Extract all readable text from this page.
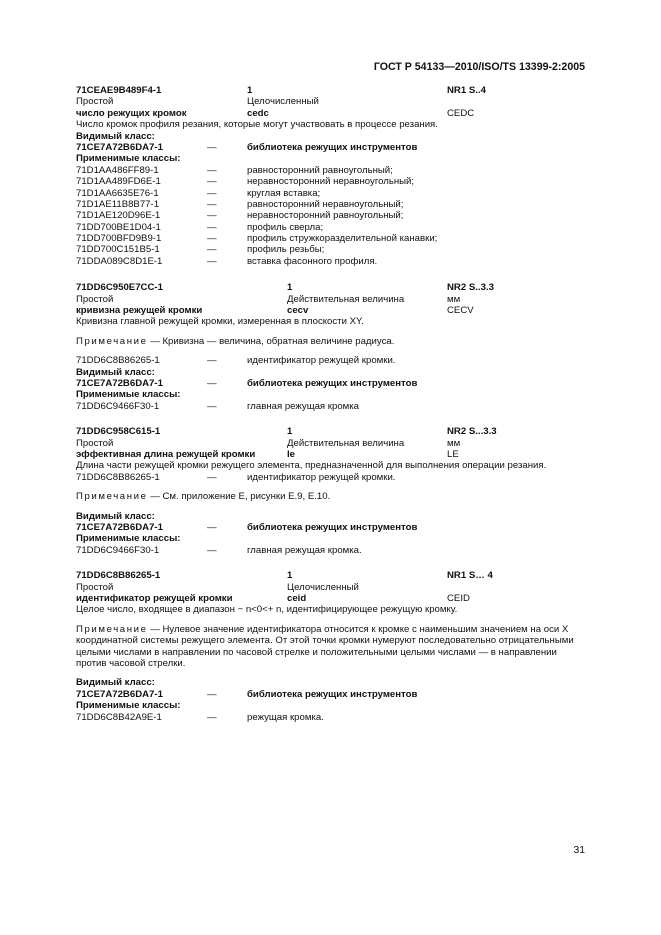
ГОСТ Р 54133—2010/ISO/TS 13399-2:2005
71CEAE9B489F4-1	1	NR1 S..4
Простой	Целочисленный
число режущих кромок	cedc	CEDC
Число кромок профиля резания, которые могут участвовать в процессе резания.
Видимый класс:
71CE7A72B6DA7-1	—	библиотека режущих инструментов
Применимые классы:
71D1AA486FF89-1	—	равносторонний равноугольный;
71D1AA489FD6E-1	—	неравносторонний неравноугольный;
71D1AA6635E76-1	—	круглая вставка;
71D1AE11B8B77-1	—	равносторонний неравноугольный;
71D1AE120D96E-1	—	неравносторонний равноугольный;
71DD700BE1D04-1	—	профиль сверла;
71DD700BFD9B9-1	—	профиль стружкоразделительной канавки;
71DD700C151B5-1	—	профиль резьбы;
71DDA089C8D1E-1	—	вставка фасонного профиля.
71DD6C950E7CC-1	1	NR2 S..3.3
Простой	Действительная величина	мм
кривизна режущей кромки	cecv	CECV
Кривизна главной режущей кромки, измеренная в плоскости XY.
Примечание — Кривизна — величина, обратная величине радиуса.
71DD6C8B86265-1	—	идентификатор режущей кромки.
Видимый класс:
71CE7A72B6DA7-1	—	библиотека режущих инструментов
Применимые классы:
71DD6C9466F30-1	—	главная режущая кромка
71DD6C958C615-1	1	NR2 S...3.3
Простой	Действительная величина	мм
эффективная длина режущей кромки	le	LE
Длина части режущей кромки режущего элемента, предназначенной для выполнения операции резания.
71DD6C8B86265-1	—	идентификатор режущей кромки.
Примечание — См. приложение E, рисунки E.9, E.10.
Видимый класс:
71CE7A72B6DA7-1	—	библиотека режущих инструментов
Применимые классы:
71DD6C9466F30-1	—	главная режущая кромка.
71DD6C8B86265-1	1	NR1 S… 4
Простой	Целочисленный
идентификатор режущей кромки	ceid	CEID
Целое число, входящее в диапазон − n<0<+ n, идентифицирующее режущую кромку.
Примечание — Нулевое значение идентификатора относится к кромке с наименьшим значением на оси X координатной системы режущего элемента. От этой точки кромки нумеруют последовательно отрицательными целыми числами в направлении по часовой стрелке и положительными целыми числами — в направлении против часовой стрелки.
Видимый класс:
71CE7A72B6DA7-1	—	библиотека режущих инструментов
Применимые классы:
71DD6C8B42A9E-1	—	режущая кромка.
31
